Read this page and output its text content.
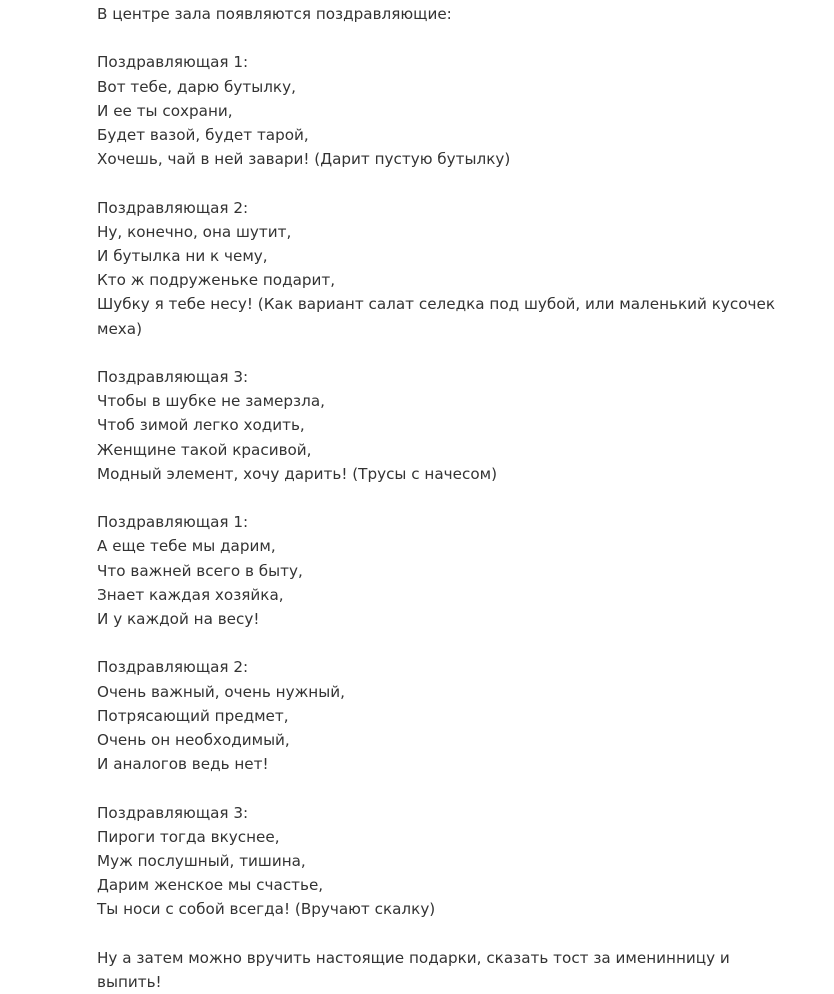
В центре зала появляются поздравляющие:
Поздравляющая 1:
Вот тебе, дарю бутылку,
И ее ты сохрани,
Будет вазой, будет тарой,
Хочешь, чай в ней завари! (Дарит пустую бутылку)
Поздравляющая 2:
Ну, конечно, она шутит,
И бутылка ни к чему,
Кто ж подруженьке подарит,
Шубку я тебе несу! (Как вариант салат селедка под шубой, или маленький кусочек меха)
Поздравляющая 3:
Чтобы в шубке не замерзла,
Чтоб зимой легко ходить,
Женщине такой красивой,
Модный элемент, хочу дарить! (Трусы с начесом)
Поздравляющая 1:
А еще тебе мы дарим,
Что важней всего в быту,
Знает каждая хозяйка,
И у каждой на весу!
Поздравляющая 2:
Очень важный, очень нужный,
Потрясающий предмет,
Очень он необходимый,
И аналогов ведь нет!
Поздравляющая 3:
Пироги тогда вкуснее,
Муж послушный, тишина,
Дарим женское мы счастье,
Ты носи с собой всегда! (Вручают скалку)
Ну а затем можно вручить настоящие подарки, сказать тост за именинницу и выпить!
